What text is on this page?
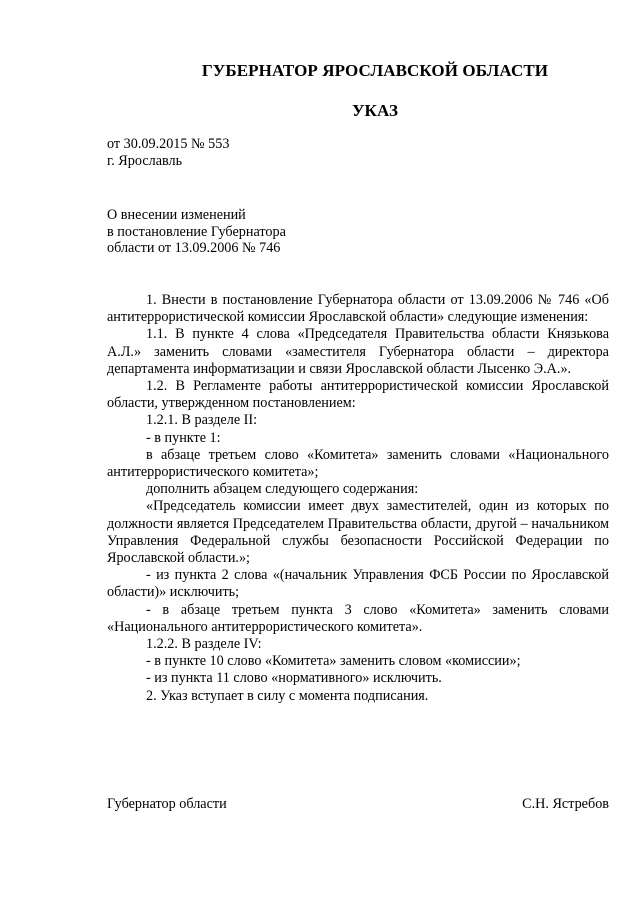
ГУБЕРНАТОР ЯРОСЛАВСКОЙ ОБЛАСТИ
УКАЗ
от 30.09.2015 № 553
г. Ярославль
О внесении изменений
в постановление Губернатора
области от 13.09.2006 № 746

1. Внести в постановление Губернатора области от 13.09.2006 № 746 «Об антитеррористической комиссии Ярославской области» следующие изменения:

1.1. В пункте 4 слова «Председателя Правительства области Князькова А.Л.» заменить словами «заместителя Губернатора области – директора департамента информатизации и связи Ярославской области Лысенко Э.А.».

1.2. В Регламенте работы антитеррористической комиссии Ярославской области, утвержденном постановлением:

1.2.1. В разделе II:

- в пункте 1:

в абзаце третьем слово «Комитета» заменить словами «Национального антитеррористического комитета»;

дополнить абзацем следующего содержания:

«Председатель комиссии имеет двух заместителей, один из которых по должности является Председателем Правительства области, другой – начальником Управления Федеральной службы безопасности Российской Федерации по Ярославской области.»;

- из пункта 2 слова «(начальник Управления ФСБ России по Ярославской области)» исключить;

- в абзаце третьем пункта 3 слово «Комитета» заменить словами «Национального антитеррористического комитета».

1.2.2. В разделе IV:

- в пункте 10 слово «Комитета» заменить словом «комиссии»;

- из пункта 11 слово «нормативного» исключить.

2. Указ вступает в силу с момента подписания.

Губернатор области	С.Н. Ястребов
